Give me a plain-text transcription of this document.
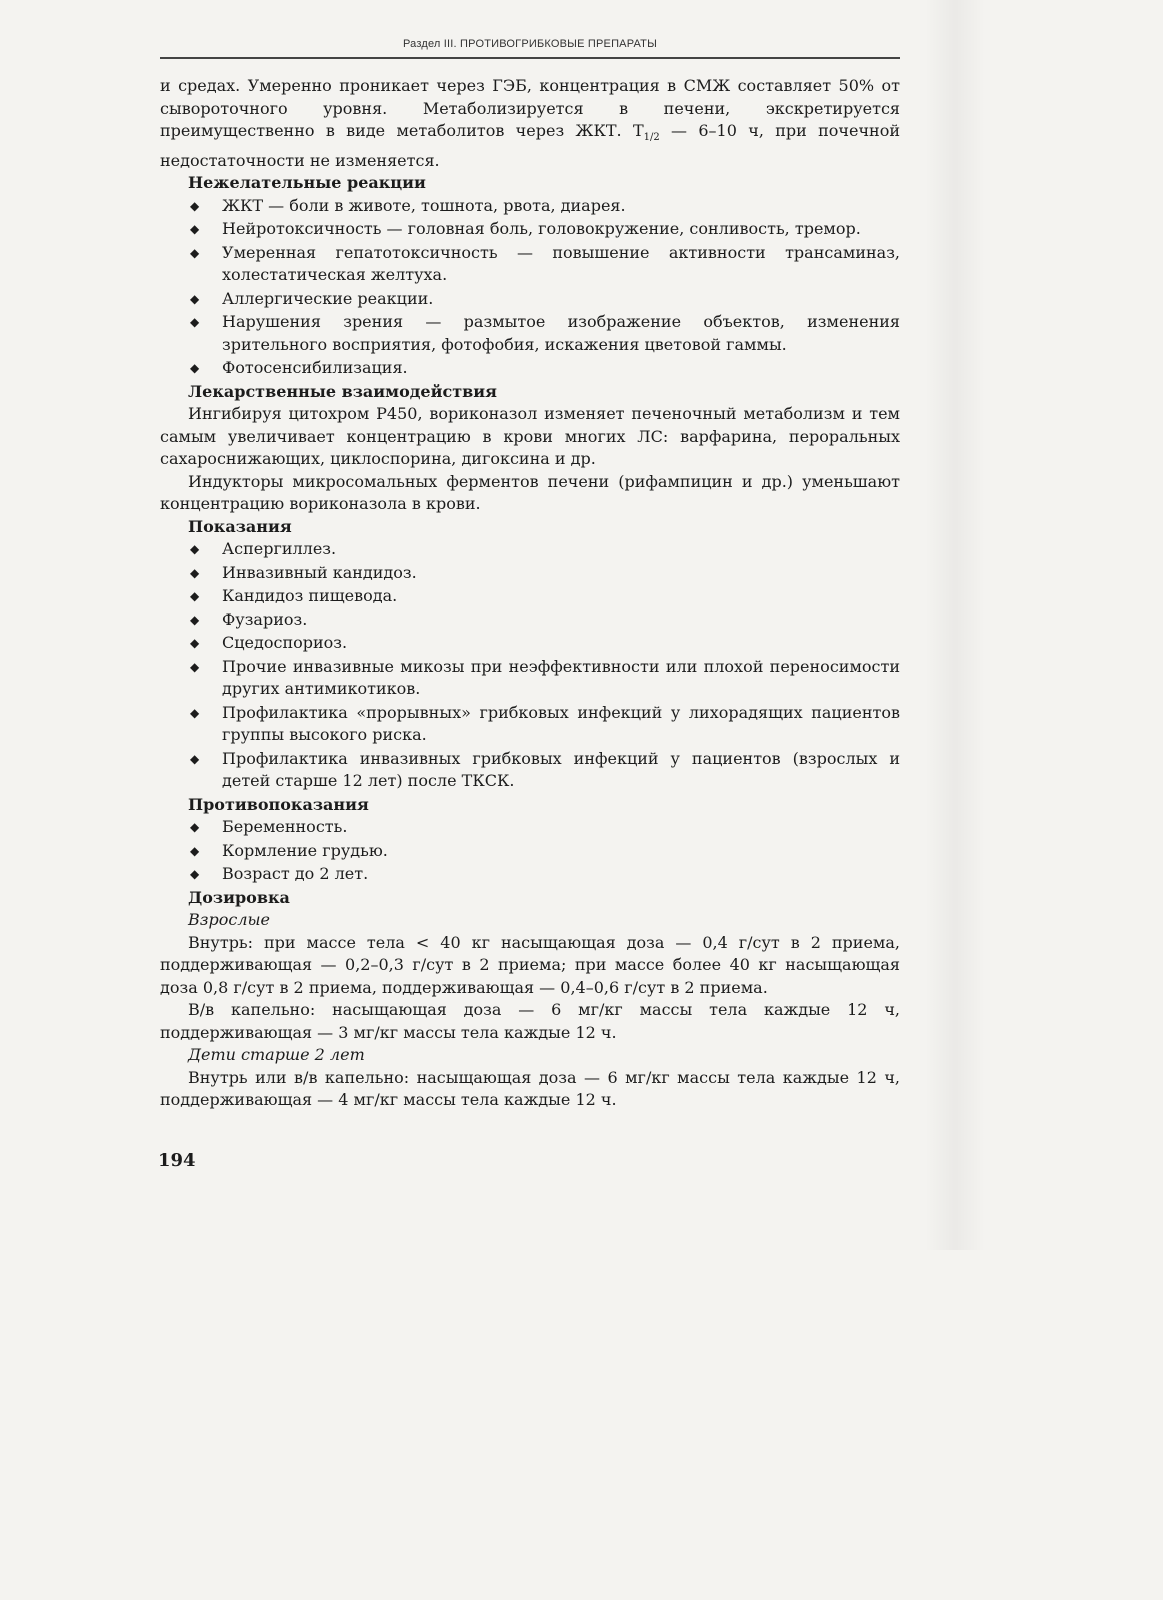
Раздел III. ПРОТИВОГРИБКОВЫЕ ПРЕПАРАТЫ

и средах. Умеренно проникает через ГЭБ, концентрация в СМЖ составляет 50% от сывороточного уровня. Метаболизируется в печени, экскретируется преимущественно в виде метаболитов через ЖКТ. $Т_{1/2}$ — 6–10 ч, при почечной недостаточности не изменяется.

Нежелательные реакции
◆ ЖКТ — боли в животе, тошнота, рвота, диарея.
◆ Нейротоксичность — головная боль, головокружение, сонливость, тремор.
◆ Умеренная гепатотоксичность — повышение активности трансаминаз, холестатическая желтуха.
◆ Аллергические реакции.
◆ Нарушения зрения — размытое изображение объектов, изменения зрительного восприятия, фотофобия, искажения цветовой гаммы.
◆ Фотосенсибилизация.
Лекарственные взаимодействия

Ингибируя цитохром Р450, вориконазол изменяет печеночный метаболизм и тем самым увеличивает концентрацию в крови многих ЛС: варфарина, пероральных сахароснижающих, циклоспорина, дигоксина и др.

Индукторы микросомальных ферментов печени (рифампицин и др.) уменьшают концентрацию вориконазола в крови.

Показания
◆ Аспергиллез.
◆ Инвазивный кандидоз.
◆ Кандидоз пищевода.
◆ Фузариоз.
◆ Сцедоспориоз.
◆ Прочие инвазивные микозы при неэффективности или плохой переносимости других антимикотиков.
◆ Профилактика «прорывных» грибковых инфекций у лихорадящих пациентов группы высокого риска.
◆ Профилактика инвазивных грибковых инфекций у пациентов (взрослых и детей старше 12 лет) после ТКСК.
Противопоказания
◆ Беременность.
◆ Кормление грудью.
◆ Возраст до 2 лет.
Дозировка
Взрослые

Внутрь: при массе тела < 40 кг насыщающая доза — 0,4 г/сут в 2 приема, поддерживающая — 0,2–0,3 г/сут в 2 приема; при массе более 40 кг насыщающая доза 0,8 г/сут в 2 приема, поддерживающая — 0,4–0,6 г/сут в 2 приема.

В/в капельно: насыщающая доза — 6 мг/кг массы тела каждые 12 ч, поддерживающая — 3 мг/кг массы тела каждые 12 ч.

Дети старше 2 лет

Внутрь или в/в капельно: насыщающая доза — 6 мг/кг массы тела каждые 12 ч, поддерживающая — 4 мг/кг массы тела каждые 12 ч.

194
